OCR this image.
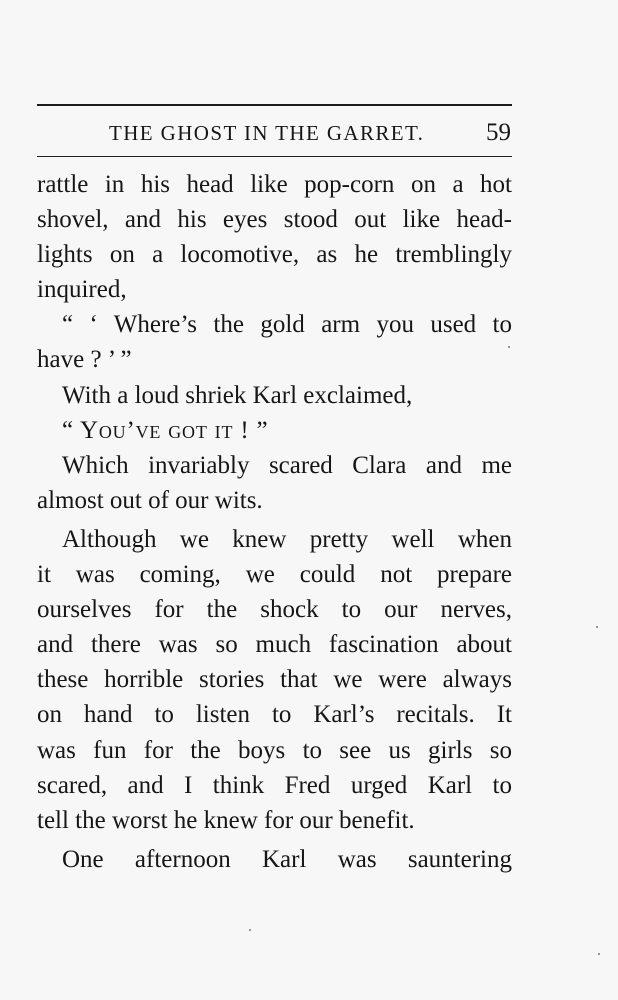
THE GHOST IN THE GARRET. 59
rattle in his head like pop-corn on a hot
shovel, and his eyes stood out like head-
lights on a locomotive, as he tremblingly
inquired,
“ ‘ Where’s the gold arm you used to
have ? ’ ”
With a loud shriek Karl exclaimed,
“ You’ve got it ! ”
Which invariably scared Clara and me
almost out of our wits.
Although we knew pretty well when
it was coming, we could not prepare
ourselves for the shock to our nerves,
and there was so much fascination about
these horrible stories that we were always
on hand to listen to Karl’s recitals. It
was fun for the boys to see us girls so
scared, and I think Fred urged Karl to
tell the worst he knew for our benefit.
One afternoon Karl was sauntering
